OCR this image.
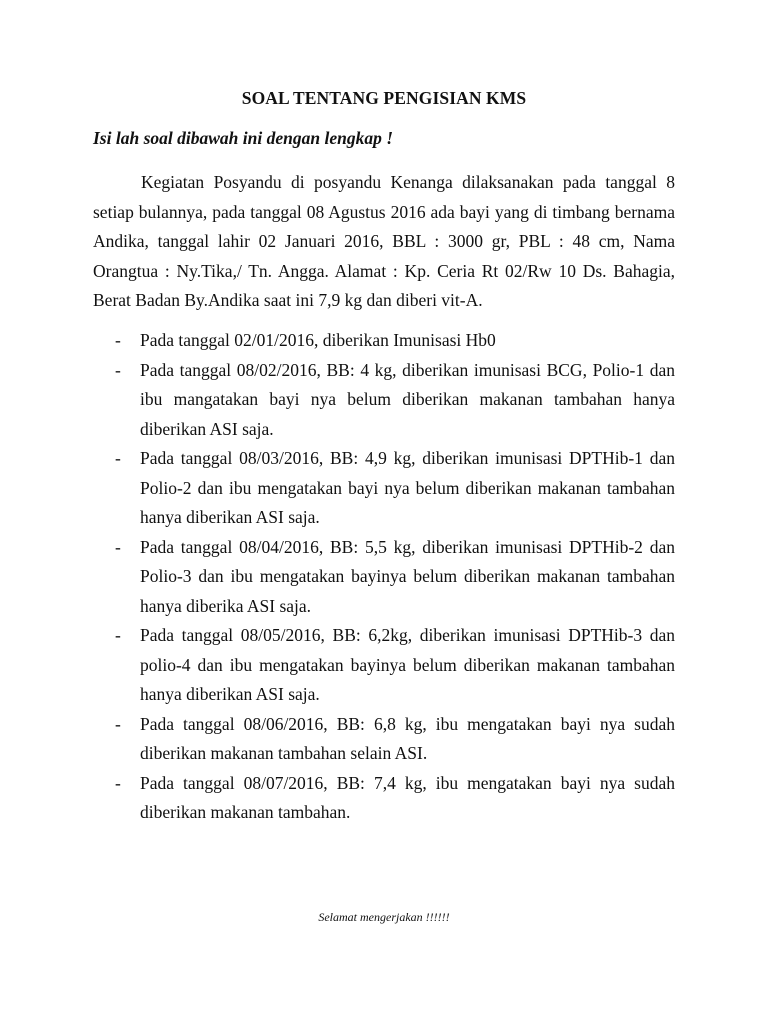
SOAL TENTANG PENGISIAN KMS

Isi lah soal dibawah ini dengan lengkap !

Kegiatan Posyandu di posyandu Kenanga dilaksanakan pada tanggal 8 setiap bulannya, pada tanggal 08 Agustus 2016 ada bayi yang di timbang bernama Andika, tanggal lahir 02 Januari 2016, BBL : 3000 gr, PBL : 48 cm, Nama Orangtua : Ny.Tika,/ Tn. Angga. Alamat : Kp. Ceria Rt 02/Rw 10 Ds. Bahagia, Berat Badan By.Andika saat ini 7,9 kg dan diberi vit-A.

- Pada tanggal 02/01/2016, diberikan Imunisasi Hb0
- Pada tanggal 08/02/2016, BB: 4 kg, diberikan imunisasi BCG, Polio-1 dan ibu mangatakan bayi nya belum diberikan makanan tambahan hanya diberikan ASI saja.
- Pada tanggal 08/03/2016, BB: 4,9 kg, diberikan imunisasi DPTHib-1 dan Polio-2 dan ibu mengatakan bayi nya belum diberikan makanan tambahan hanya diberikan ASI saja.
- Pada tanggal 08/04/2016, BB: 5,5 kg, diberikan imunisasi DPTHib-2 dan Polio-3 dan ibu mengatakan bayinya belum diberikan makanan tambahan hanya diberika ASI saja.
- Pada tanggal 08/05/2016, BB: 6,2kg, diberikan imunisasi DPTHib-3 dan polio-4 dan ibu mengatakan bayinya belum diberikan makanan tambahan hanya diberikan ASI saja.
- Pada tanggal 08/06/2016, BB: 6,8 kg, ibu mengatakan bayi nya sudah diberikan makanan tambahan selain ASI.
- Pada tanggal 08/07/2016, BB: 7,4 kg, ibu mengatakan bayi nya sudah diberikan makanan tambahan.

Selamat mengerjakan !!!!!!
